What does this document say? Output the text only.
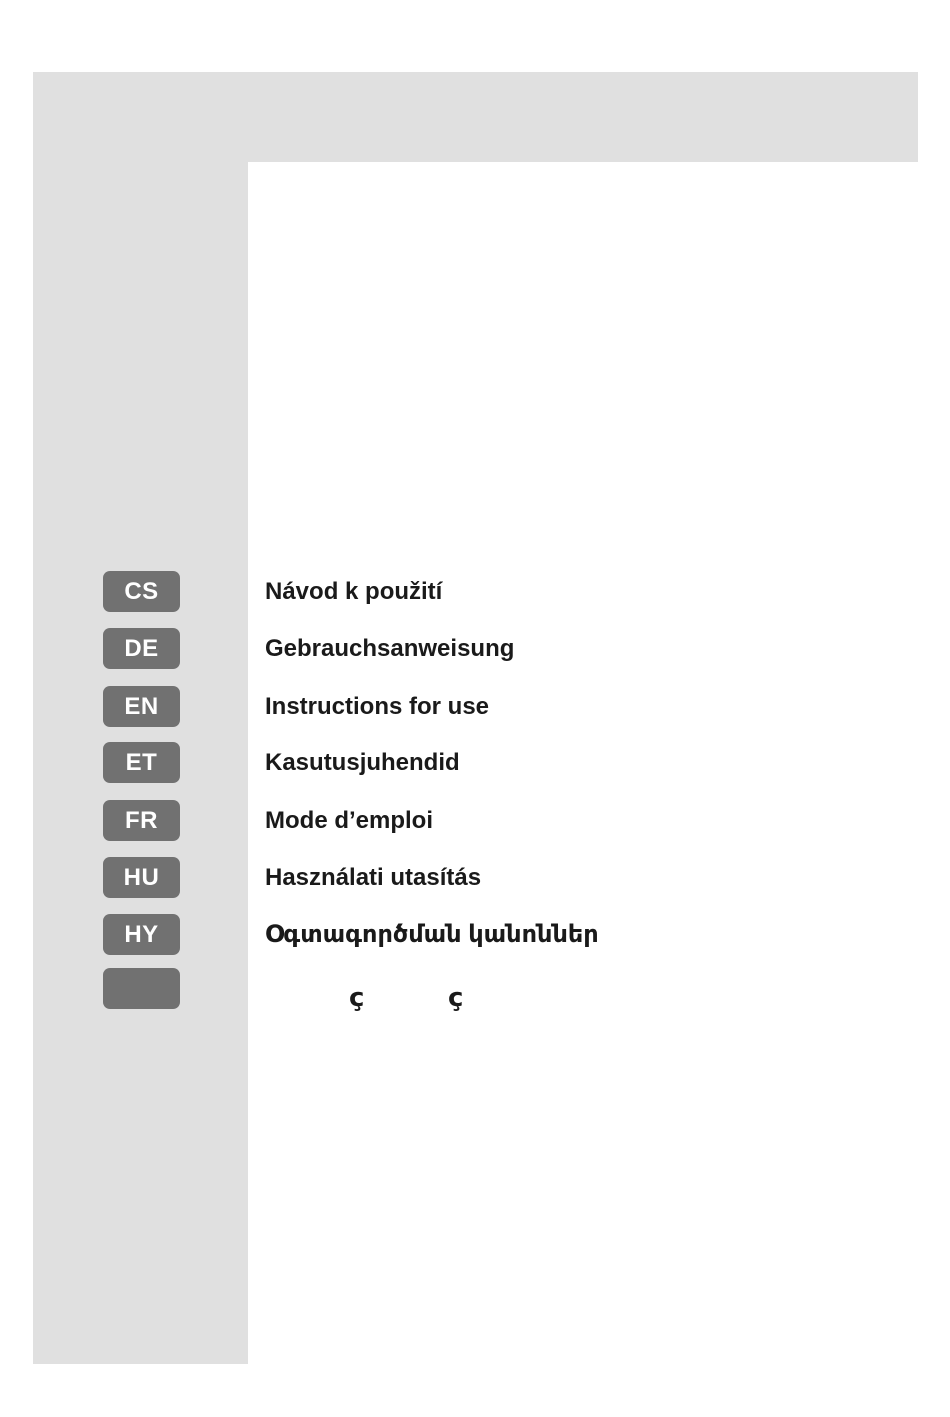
CS
DE
EN
ET
FR
HU
HY
Návod k použití
Gebrauchsanweisung
Instructions for use
Kasutusjuhendid
Mode d’emploi
Használati utasítás
Օգտագործման կանոններ
ç	ç
